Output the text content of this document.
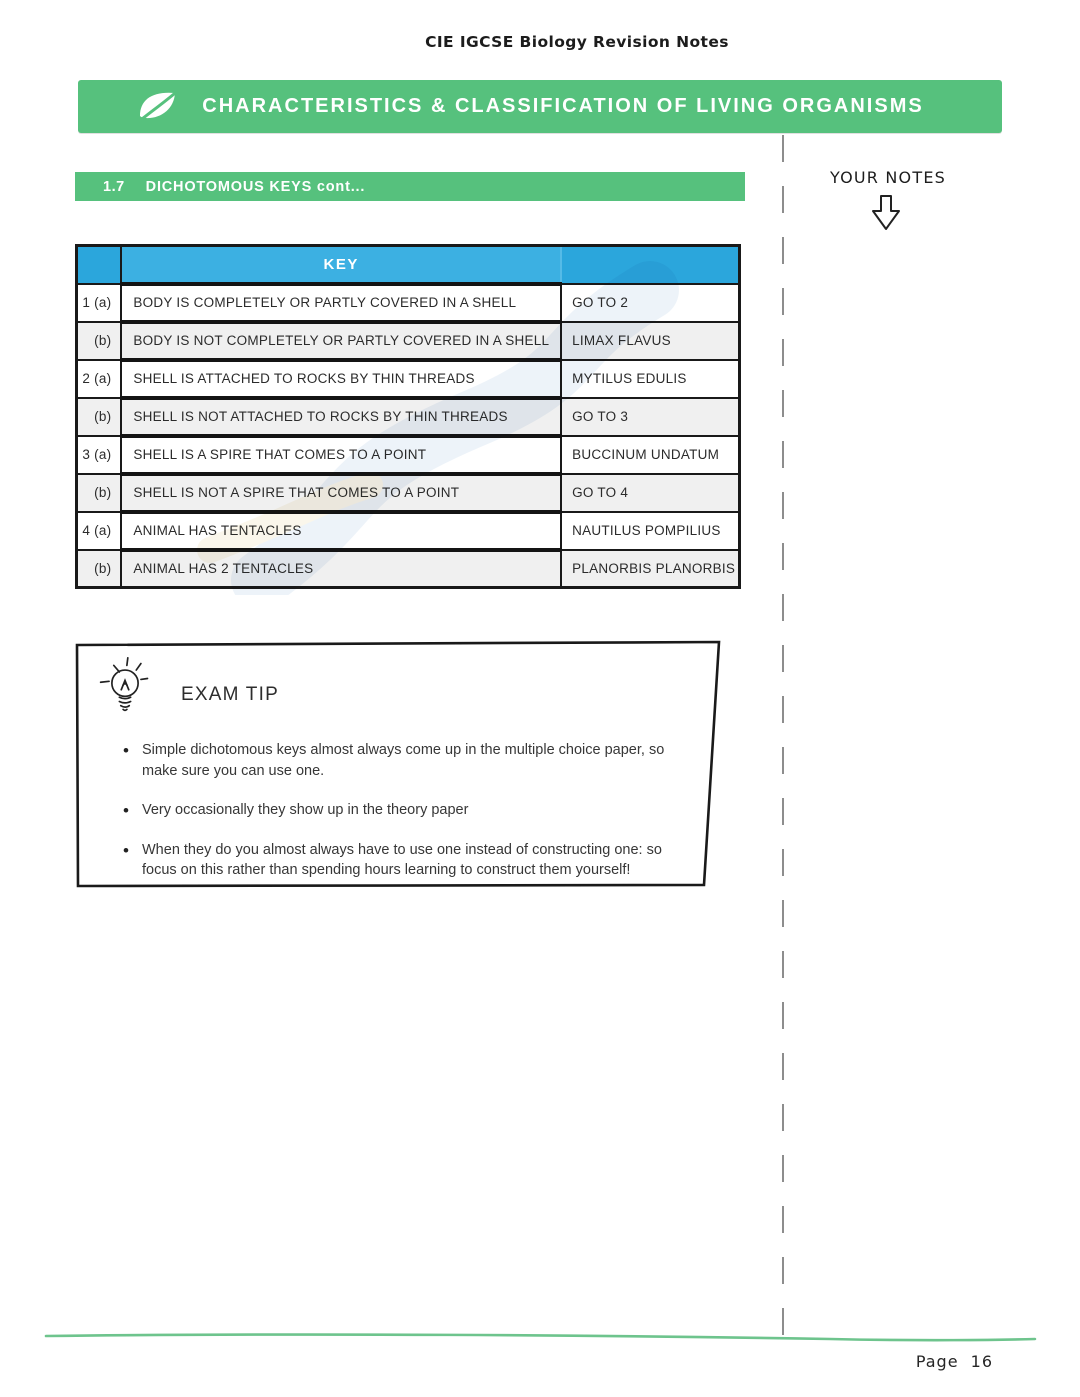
CIE IGCSE Biology Revision Notes
CHARACTERISTICS & CLASSIFICATION OF LIVING ORGANISMS
1.7 DICHOTOMOUS KEYS cont...
	KEY	
1 (a)	BODY IS COMPLETELY OR PARTLY COVERED IN A SHELL	GO TO 2
(b)	BODY IS NOT COMPLETELY OR PARTLY COVERED IN A SHELL	LIMAX FLAVUS
2 (a)	SHELL IS ATTACHED TO ROCKS BY THIN THREADS	MYTILUS EDULIS
(b)	SHELL IS NOT ATTACHED TO ROCKS BY THIN THREADS	GO TO 3
3 (a)	SHELL IS A SPIRE THAT COMES TO A POINT	BUCCINUM UNDATUM
(b)	SHELL IS NOT A SPIRE THAT COMES TO A POINT	GO TO 4
4 (a)	ANIMAL HAS TENTACLES	NAUTILUS POMPILIUS
(b)	ANIMAL HAS 2 TENTACLES	PLANORBIS PLANORBIS
YOUR NOTES
EXAM TIP
• Simple dichotomous keys almost always come up in the multiple choice paper, so make sure you can use one.
• Very occasionally they show up in the theory paper
• When they do you almost always have to use one instead of constructing one: so focus on this rather than spending hours learning to construct them yourself!
Page 16
